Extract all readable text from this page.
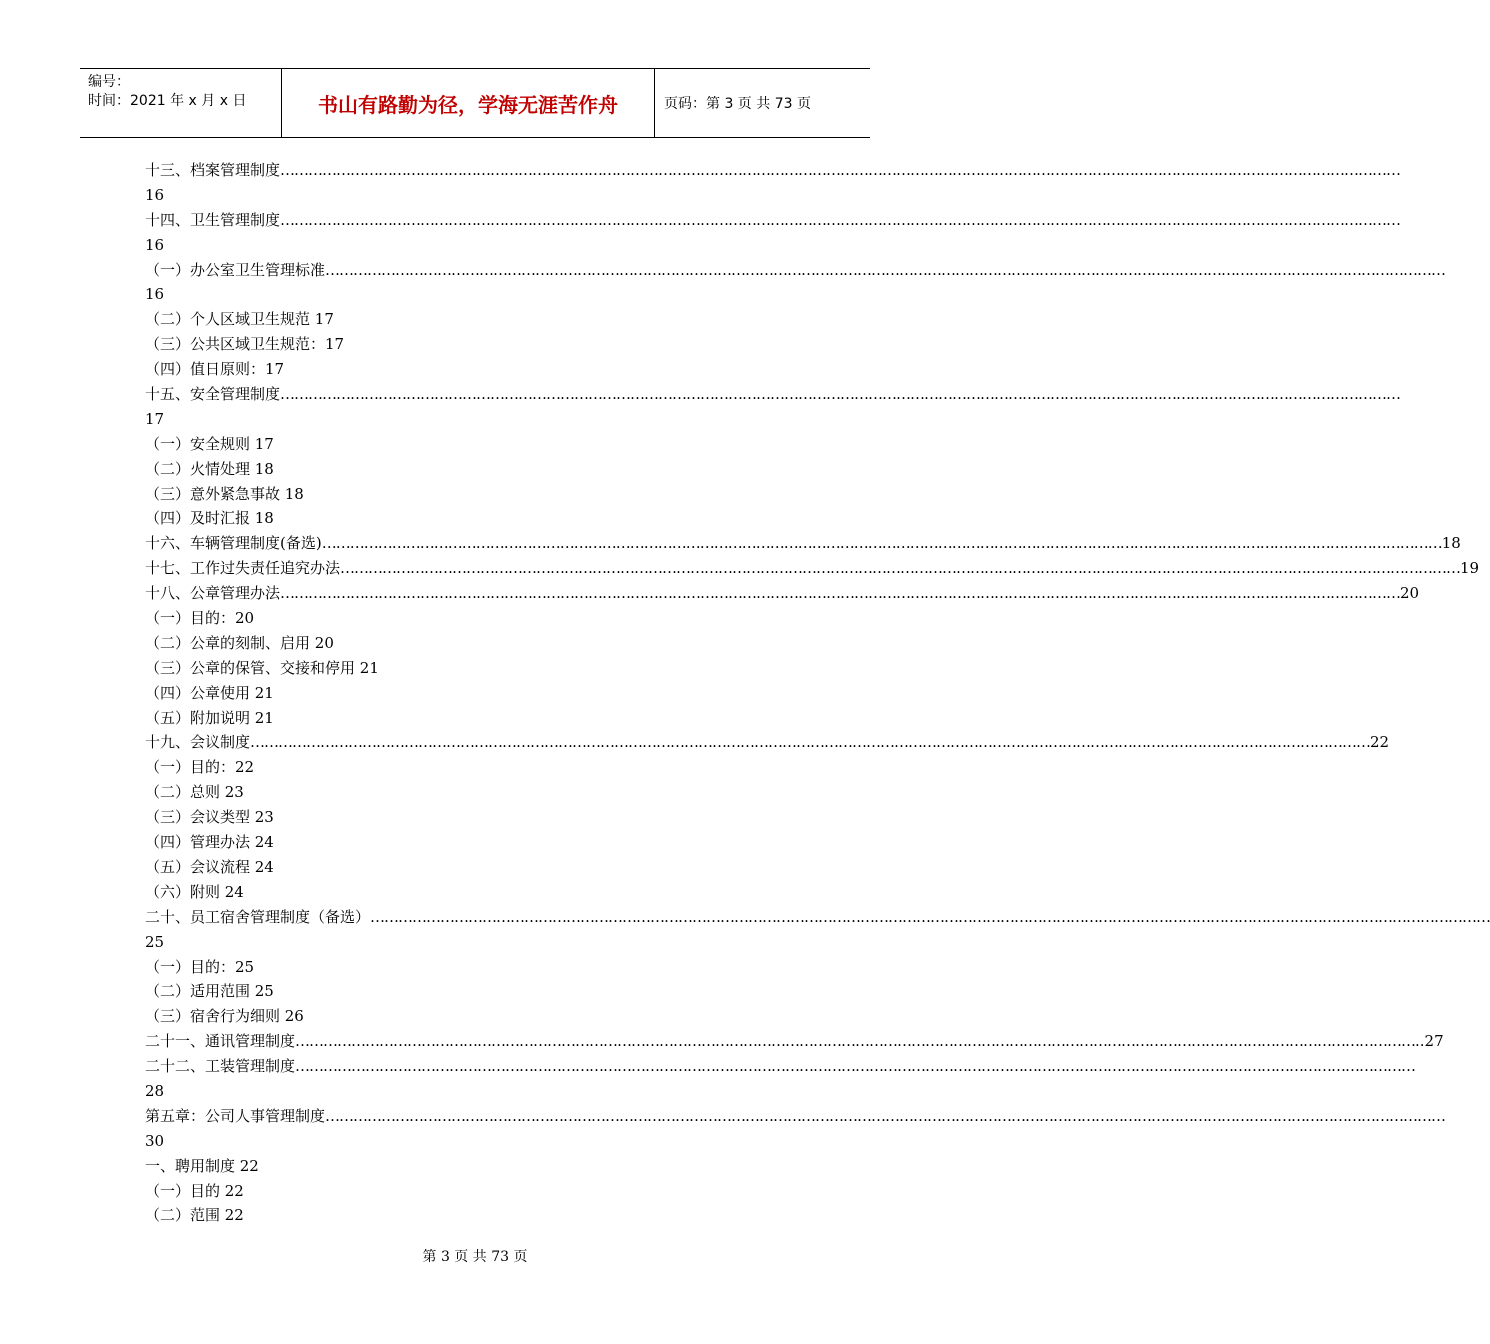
编号：
时间：2021 年 x 月 x 日	书山有路勤为径，学海无涯苦作舟	页码：第 3 页 共 73 页
十三、档案管理制度 ……………………………………………………………………………………………………………………………………………………………………………………………………………………
16
十四、卫生管理制度 ……………………………………………………………………………………………………………………………………………………………………………………………………………………
16
（一）办公室卫生管理标准 ……………………………………………………………………………………………………………………………………………………………………………………………………………………
16
（二）个人区域卫生规范 17
（三）公共区域卫生规范：17
（四）值日原则：17
十五、安全管理制度 ……………………………………………………………………………………………………………………………………………………………………………………………………………………
17
（一）安全规则 17
（二）火情处理 18
（三）意外紧急事故 18
（四）及时汇报 18
十六、车辆管理制度(备选) …………………………………………………………………………………………………………………………………………………………………………………………………………………… 18
十七、工作过失责任追究办法 …………………………………………………………………………………………………………………………………………………………………………………………………………………… 19
十八、公章管理办法 …………………………………………………………………………………………………………………………………………………………………………………………………………………… 20
（一）目的：20
（二）公章的刻制、启用 20
（三）公章的保管、交接和停用 21
（四）公章使用 21
（五）附加说明 21
十九、会议制度 …………………………………………………………………………………………………………………………………………………………………………………………………………………… 22
（一）目的：22
（二）总则 23
（三）会议类型 23
（四）管理办法 24
（五）会议流程 24
（六）附则 24
二十、员工宿舍管理制度（备选） ……………………………………………………………………………………………………………………………………………………………………………………………………………………
25
（一）目的：25
（二）适用范围 25
（三）宿舍行为细则 26
二十一、通讯管理制度 …………………………………………………………………………………………………………………………………………………………………………………………………………………… ..27
二十二、工装管理制度 ……………………………………………………………………………………………………………………………………………………………………………………………………………………
28
第五章：公司人事管理制度 ……………………………………………………………………………………………………………………………………………………………………………………………………………………
30
一、聘用制度 22
（一）目的 22
（二）范围 22
第 3 页 共 73 页
